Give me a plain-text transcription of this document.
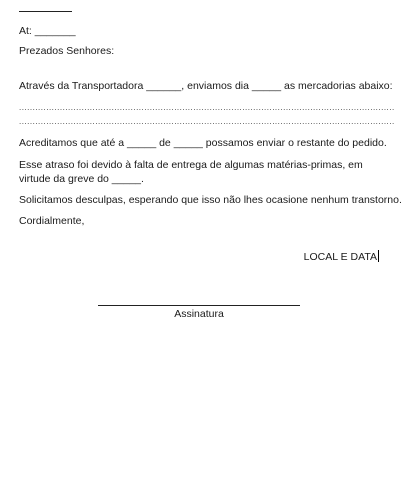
At: _______
Prezados Senhores:
Através da Transportadora ______, enviamos dia _____ as mercadorias abaixo:
..........................................................................................................................................
..........................................................................................................................................
Acreditamos que até a _____ de _____ possamos enviar o restante do pedido.
Esse atraso foi devido à falta de entrega de algumas matérias-primas, em virtude da greve do _____.
Solicitamos desculpas, esperando que isso não lhes ocasione nenhum transtorno.
Cordialmente,
LOCAL E DATA
Assinatura
